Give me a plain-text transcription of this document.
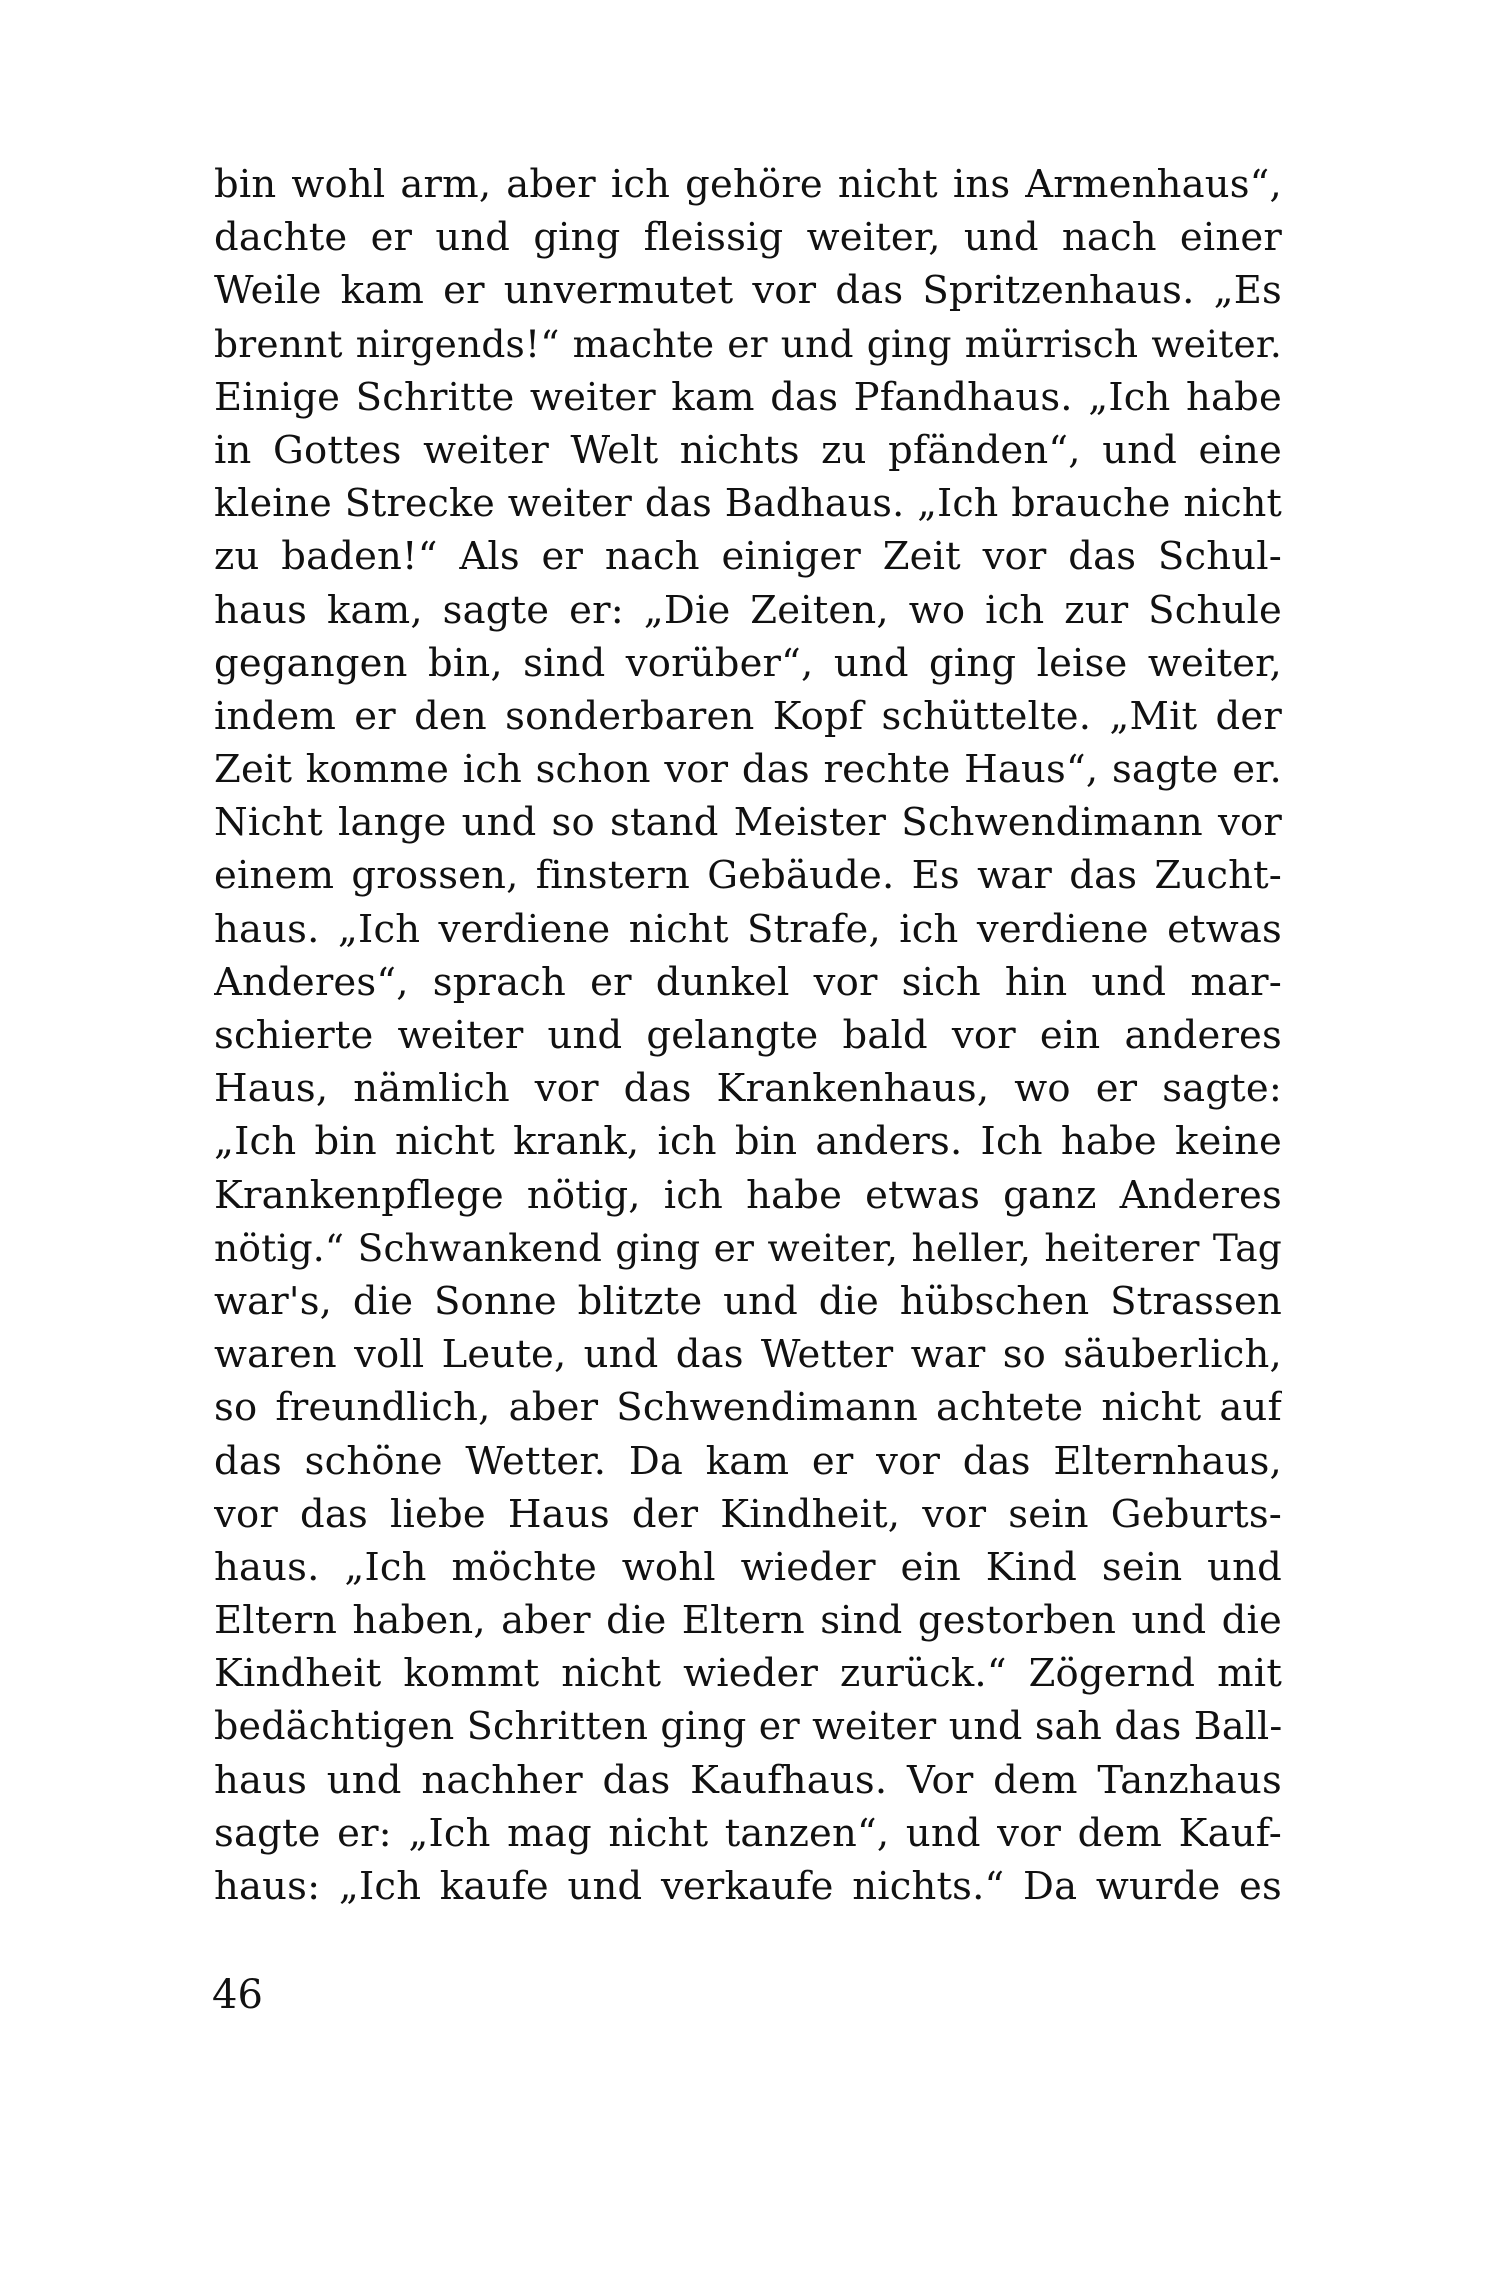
bin wohl arm, aber ich gehöre nicht ins Armenhaus“,
dachte er und ging fleissig weiter, und nach einer
Weile kam er unvermutet vor das Spritzenhaus. „Es
brennt nirgends!“ machte er und ging mürrisch weiter.
Einige Schritte weiter kam das Pfandhaus. „Ich habe
in Gottes weiter Welt nichts zu pfänden“, und eine
kleine Strecke weiter das Badhaus. „Ich brauche nicht
zu baden!“ Als er nach einiger Zeit vor das Schul-
haus kam, sagte er: „Die Zeiten, wo ich zur Schule
gegangen bin, sind vorüber“, und ging leise weiter,
indem er den sonderbaren Kopf schüttelte. „Mit der
Zeit komme ich schon vor das rechte Haus“, sagte er.
Nicht lange und so stand Meister Schwendimann vor
einem grossen, finstern Gebäude. Es war das Zucht-
haus. „Ich verdiene nicht Strafe, ich verdiene etwas
Anderes“, sprach er dunkel vor sich hin und mar-
schierte weiter und gelangte bald vor ein anderes
Haus, nämlich vor das Krankenhaus, wo er sagte:
„Ich bin nicht krank, ich bin anders. Ich habe keine
Krankenpflege nötig, ich habe etwas ganz Anderes
nötig.“ Schwankend ging er weiter, heller, heiterer Tag
war's, die Sonne blitzte und die hübschen Strassen
waren voll Leute, und das Wetter war so säuberlich,
so freundlich, aber Schwendimann achtete nicht auf
das schöne Wetter. Da kam er vor das Elternhaus,
vor das liebe Haus der Kindheit, vor sein Geburts-
haus. „Ich möchte wohl wieder ein Kind sein und
Eltern haben, aber die Eltern sind gestorben und die
Kindheit kommt nicht wieder zurück.“ Zögernd mit
bedächtigen Schritten ging er weiter und sah das Ball-
haus und nachher das Kaufhaus. Vor dem Tanzhaus
sagte er: „Ich mag nicht tanzen“, und vor dem Kauf-
haus: „Ich kaufe und verkaufe nichts.“ Da wurde es
46
